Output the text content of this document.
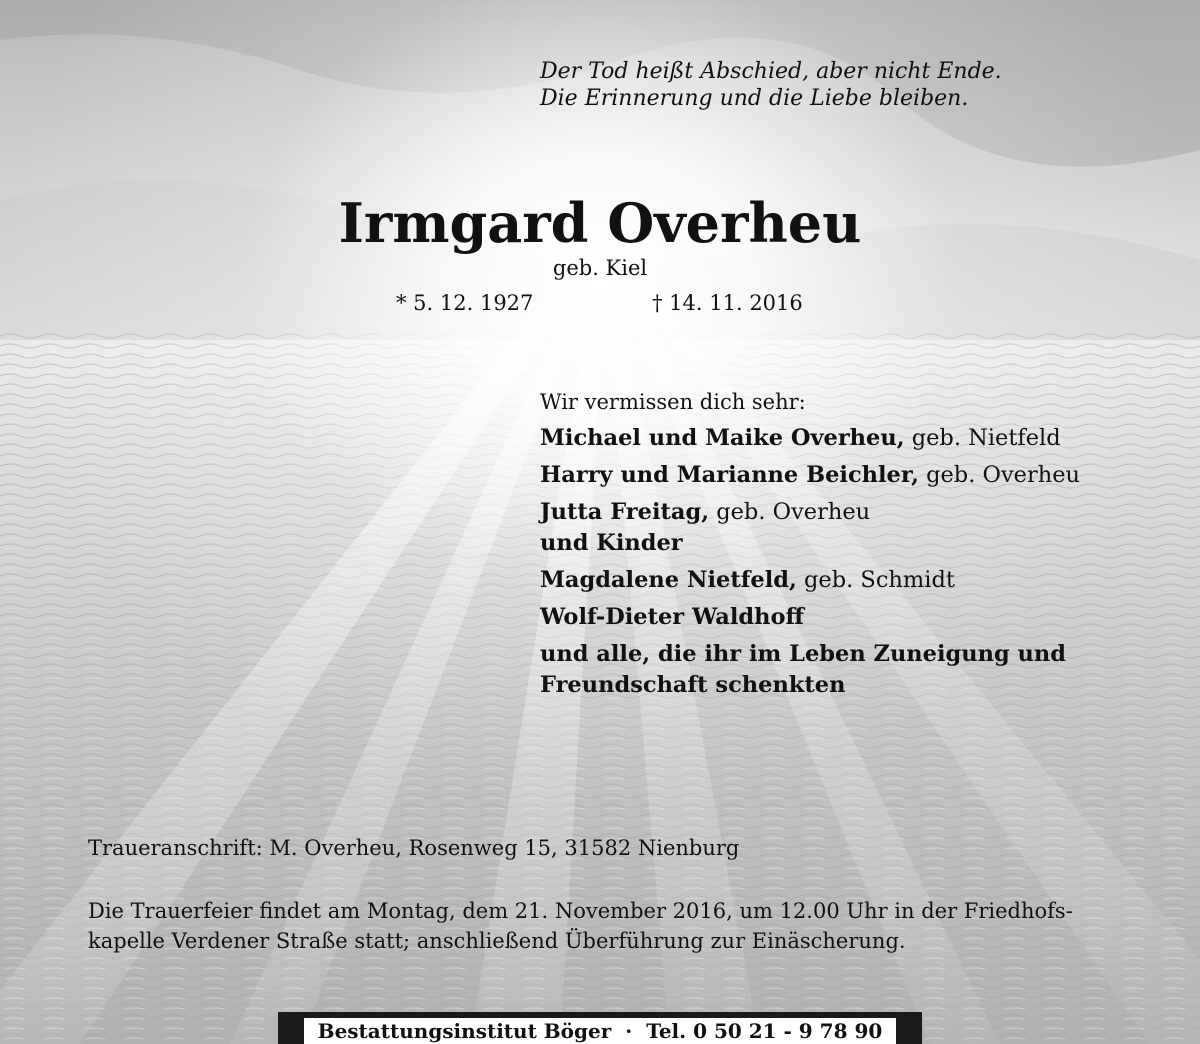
Der Tod heißt Abschied, aber nicht Ende.
Die Erinnerung und die Liebe bleiben.
Irmgard Overheu
geb. Kiel
* 5. 12. 1927	† 14. 11. 2016
Wir vermissen dich sehr:
Michael und Maike Overheu, geb. Nietfeld
Harry und Marianne Beichler, geb. Overheu
Jutta Freitag, geb. Overheu
und Kinder
Magdalene Nietfeld, geb. Schmidt
Wolf-Dieter Waldhoff
und alle, die ihr im Leben Zuneigung und
Freundschaft schenkten
Traueranschrift: M. Overheu, Rosenweg 15, 31582 Nienburg
Die Trauerfeier findet am Montag, dem 21. November 2016, um 12.00 Uhr in der Friedhofs-
kapelle Verdener Straße statt; anschließend Überführung zur Einäscherung.
Bestattungsinstitut Böger · Tel. 0 50 21 - 9 78 90
